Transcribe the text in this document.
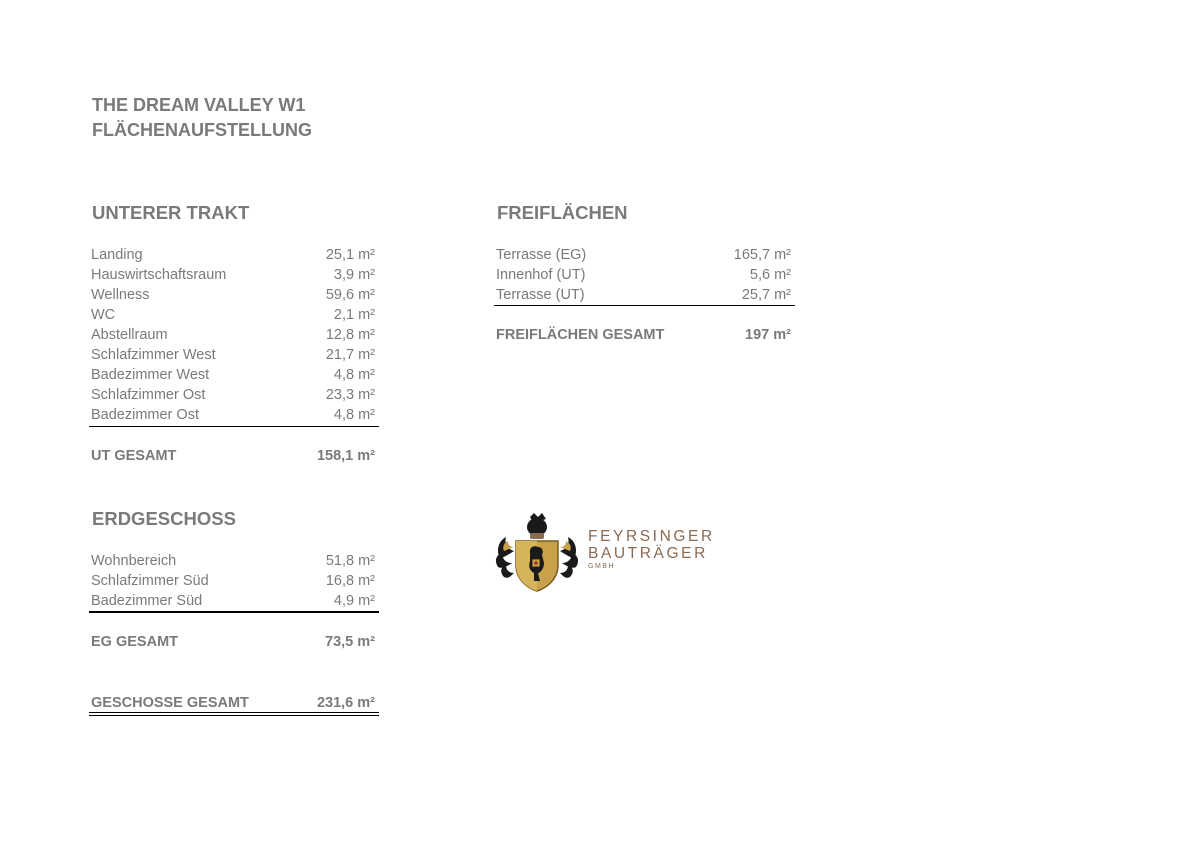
THE DREAM VALLEY W1
FLÄCHENAUFSTELLUNG
UNTERER TRAKT
Landing	25,1 m²
Hauswirtschaftsraum	3,9 m²
Wellness	59,6 m²
WC	2,1 m²
Abstellraum	12,8 m²
Schlafzimmer West	21,7 m²
Badezimmer West	4,8 m²
Schlafzimmer Ost	23,3 m²
Badezimmer Ost	4,8 m²
UT GESAMT	158,1 m²
ERDGESCHOSS
Wohnbereich	51,8 m²
Schlafzimmer Süd	16,8 m²
Badezimmer Süd	4,9 m²
EG GESAMT	73,5 m²
GESCHOSSE GESAMT	231,6 m²
FREIFLÄCHEN
Terrasse (EG)	165,7 m²
Innenhof (UT)	5,6 m²
Terrasse (UT)	25,7 m²
FREIFLÄCHEN GESAMT	197 m²
FEYRSINGER
BAUTRÄGER
GMBH
